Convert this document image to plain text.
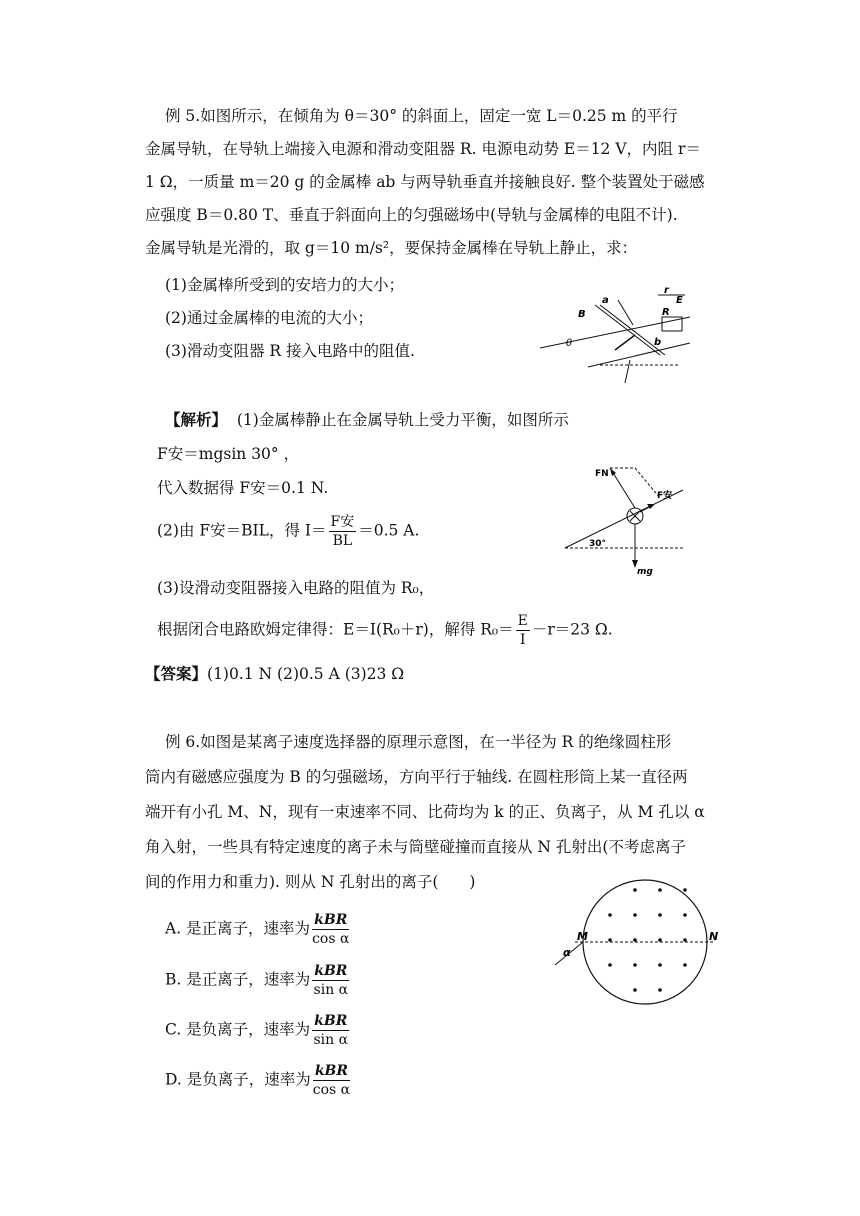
例 5.如图所示，在倾角为 θ＝30° 的斜面上，固定一宽 L＝0.25 m 的平行
金属导轨，在导轨上端接入电源和滑动变阻器 R. 电源电动势 E＝12 V，内阻 r＝
1 Ω，一质量 m＝20 g 的金属棒 ab 与两导轨垂直并接触良好. 整个装置处于磁感
应强度 B＝0.80 T、垂直于斜面向上的匀强磁场中(导轨与金属棒的电阻不计).
金属导轨是光滑的，取 g＝10 m/s²，要保持金属棒在导轨上静止，求：
(1)金属棒所受到的安培力的大小；
(2)通过金属棒的电流的大小；
(3)滑动变阻器 R 接入电路中的阻值.
B
a
r
E
R
b
θ
【解析】 (1)金属棒静止在金属导轨上受力平衡，如图所示
F安＝mgsin 30° ，
代入数据得 F安＝0.1 N.
(2)由 F安＝BIL，得 $I= \frac{\text{F安}}{BL} =0.5$ A.
(3)设滑动变阻器接入电路的阻值为 R₀，
根据闭合电路欧姆定律得：E＝I(R₀＋r)，解得 $R_0= \frac{E}{I} -r=23$ Ω.
【答案】(1)0.1 N (2)0.5 A (3)23 Ω
FN
F安
30°
mg
例 6.如图是某离子速度选择器的原理示意图，在一半径为 R 的绝缘圆柱形
筒内有磁感应强度为 B 的匀强磁场，方向平行于轴线. 在圆柱形筒上某一直径两
端开有小孔 M、N，现有一束速率不同、比荷均为 k 的正、负离子，从 M 孔以 α
角入射，一些具有特定速度的离子未与筒壁碰撞而直接从 N 孔射出(不考虑离子
间的作用力和重力). 则从 N 孔射出的离子(　　)
A. 是正离子，速率为 $\frac{\text{kBR}}{\text{cos α}}$
B. 是正离子，速率为 $\frac{\text{kBR}}{\text{sin α}}$
C. 是负离子，速率为 $\frac{\text{kBR}}{\text{sin α}}$
D. 是负离子，速率为 $\frac{\text{kBR}}{\text{cos α}}$
M	N
α
